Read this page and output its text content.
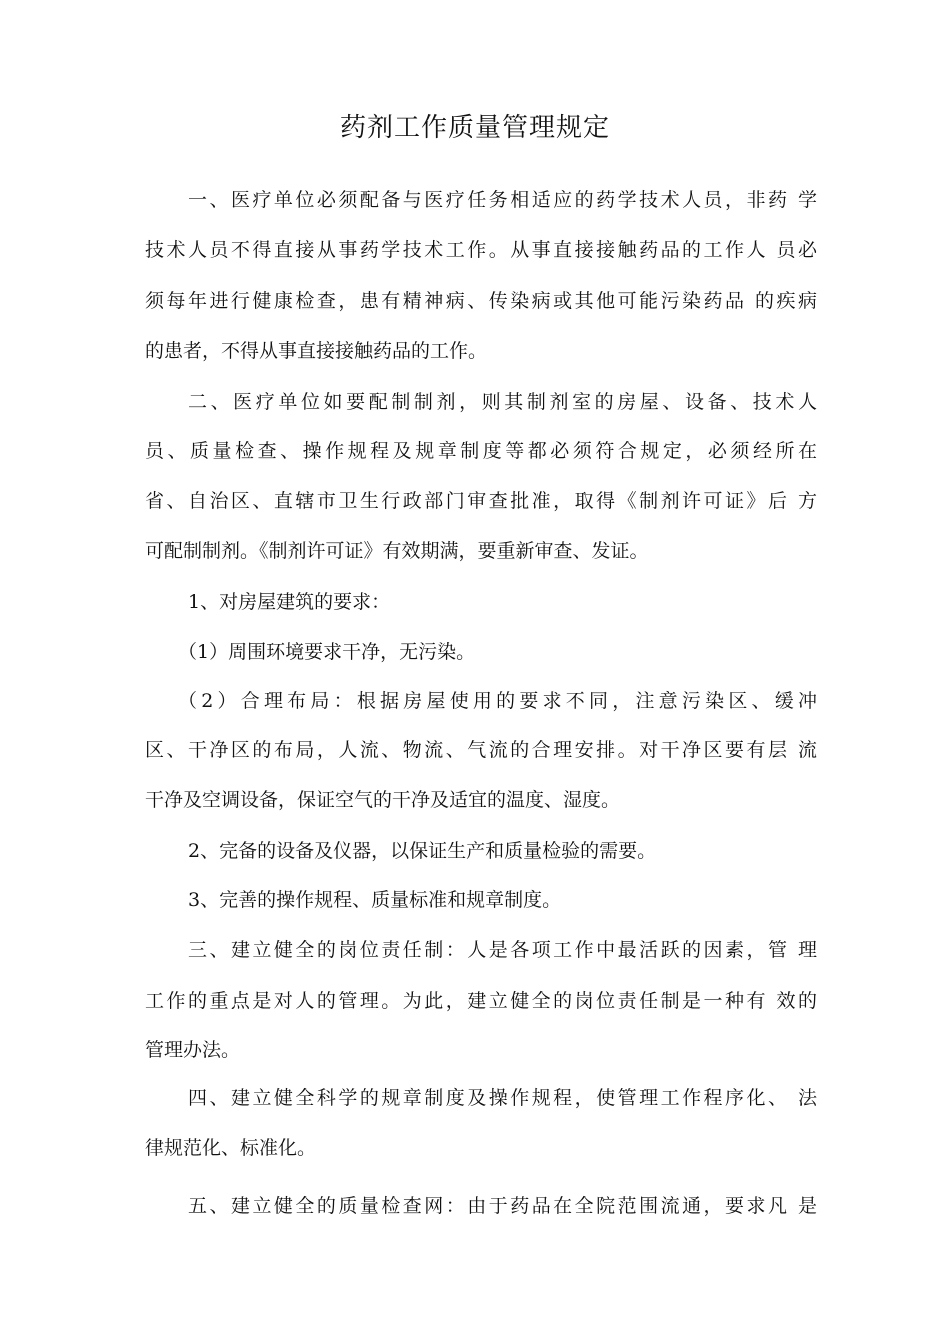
药剂工作质量管理规定

一、医疗单位必须配备与医疗任务相适应的药学技术人员，非药 学

技术人员不得直接从事药学技术工作。从事直接接触药品的工作人 员必

须每年进行健康检查，患有精神病、传染病或其他可能污染药品 的疾病

的患者，不得从事直接接触药品的工作。

二、医疗单位如要配制制剂，则其制剂室的房屋、设备、技术人

员、质量检查、操作规程及规章制度等都必须符合规定，必须经所在

省、自治区、直辖市卫生行政部门审查批准，取得《制剂许可证》后 方

可配制制剂。《制剂许可证》有效期满，要重新审查、发证。

1、对房屋建筑的要求：

（1）周围环境要求干净，无污染。

（2）合理布局：根据房屋使用的要求不同，注意污染区、缓冲

区、干净区的布局，人流、物流、气流的合理安排。对干净区要有层 流

干净及空调设备，保证空气的干净及适宜的温度、湿度。

2、完备的设备及仪器，以保证生产和质量检验的需要。

3、完善的操作规程、质量标准和规章制度。

三、建立健全的岗位责任制：人是各项工作中最活跃的因素，管 理

工作的重点是对人的管理。为此，建立健全的岗位责任制是一种有 效的

管理办法。

四、建立健全科学的规章制度及操作规程，使管理工作程序化、 法

律规范化、标准化。

五、建立健全的质量检查网：由于药品在全院范围流通，要求凡 是
